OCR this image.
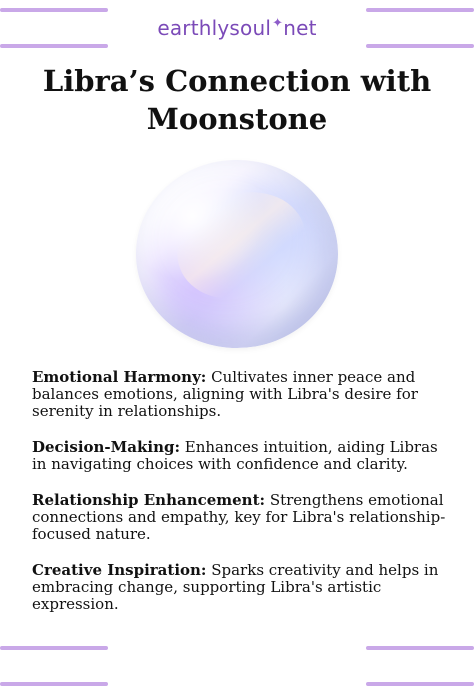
earthlysoul✦net
Libra’s Connection with Moonstone

Emotional Harmony: Cultivates inner peace and balances emotions, aligning with Libra's desire for serenity in relationships.

Decision-Making: Enhances intuition, aiding Libras in navigating choices with confidence and clarity.

Relationship Enhancement: Strengthens emotional connections and empathy, key for Libra's relationship-focused nature.

Creative Inspiration: Sparks creativity and helps in embracing change, supporting Libra's artistic expression.
